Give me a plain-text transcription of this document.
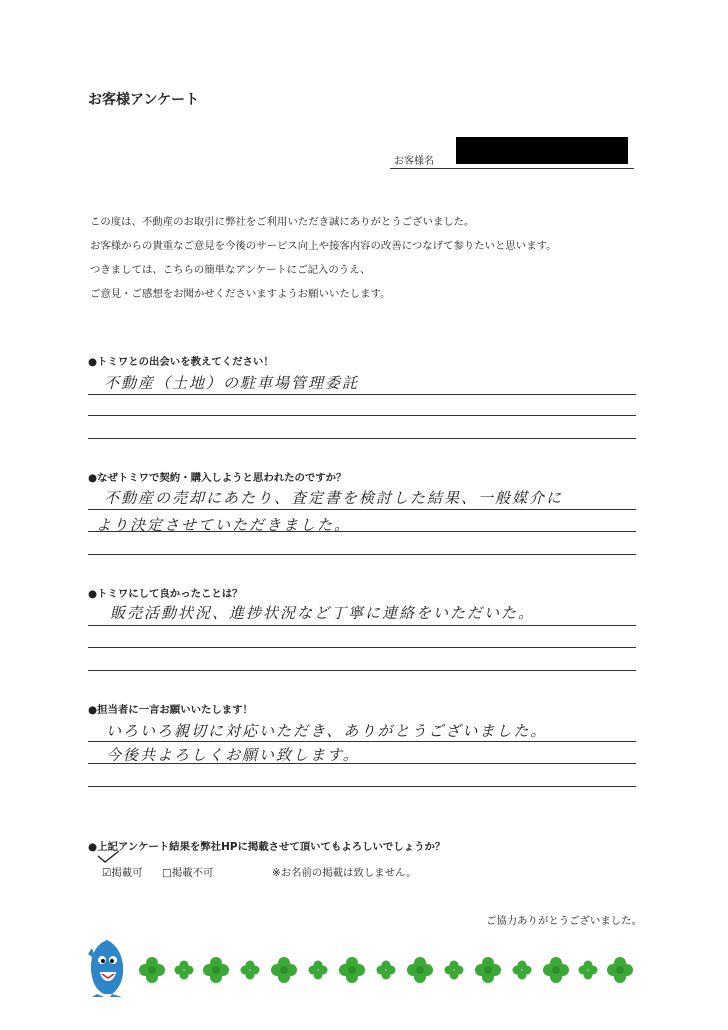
お客様アンケート
お客様名
この度は、不動産のお取引に弊社をご利用いただき誠にありがとうございました。
お客様からの貴重なご意見を今後のサービス向上や接客内容の改善につなげて参りたいと思います。
つきましては、こちらの簡単なアンケートにご記入のうえ、
ご意見・ご感想をお聞かせくださいますようお願いいたします。
●トミワとの出会いを教えてください！
不動産（土地）の駐車場管理委託
●なぜトミワで契約・購入しようと思われたのですか？
不動産の売却にあたり、査定書を検討した結果、一般媒介に
より決定させていただきました。
●トミワにして良かったことは？
販売活動状況、進捗状況など丁寧に連絡をいただいた。
●担当者に一言お願いいたします！
いろいろ親切に対応いただき、ありがとうございました。
今後共よろしくお願い致します。
●上記アンケート結果を弊社HPに掲載させて頂いてもよろしいでしょうか？
☑掲載可 □掲載不可	※お名前の掲載は致しません。
ご協力ありがとうございました。
